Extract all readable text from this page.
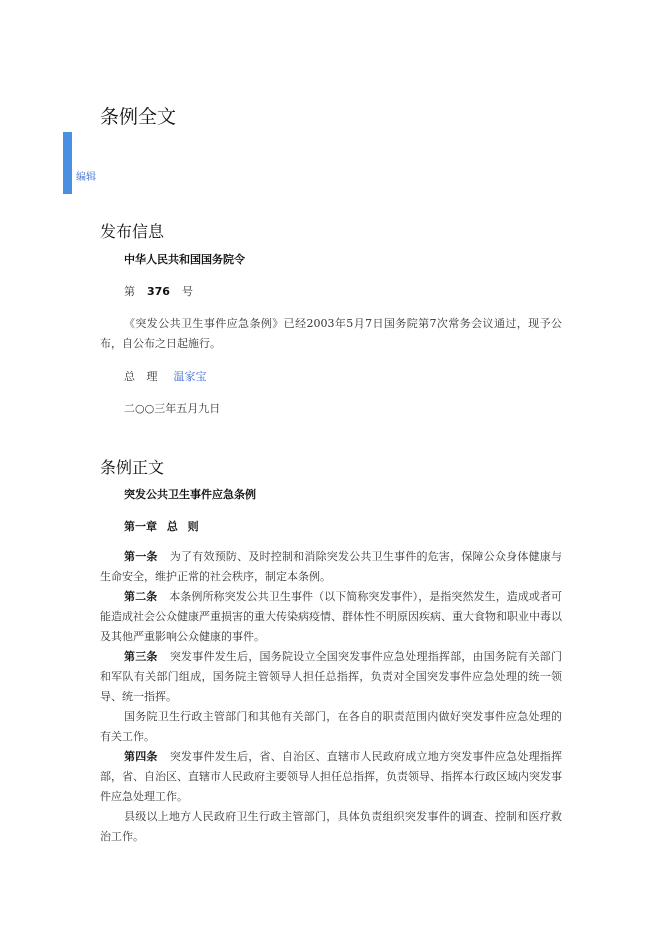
条例全文
编辑
发布信息
中华人民共和国国务院令
第 376 号
《突发公共卫生事件应急条例》已经2003年5月7日国务院第7次常务会议通过，现予公布，自公布之日起施行。
总 理 温家宝
二○○三年五月九日
条例正文
突发公共卫生事件应急条例
第一章 总 则
第一条 为了有效预防、及时控制和消除突发公共卫生事件的危害，保障公众身体健康与生命安全，维护正常的社会秩序，制定本条例。
第二条 本条例所称突发公共卫生事件（以下简称突发事件），是指突然发生，造成或者可能造成社会公众健康严重损害的重大传染病疫情、群体性不明原因疾病、重大食物和职业中毒以及其他严重影响公众健康的事件。
第三条 突发事件发生后，国务院设立全国突发事件应急处理指挥部，由国务院有关部门和军队有关部门组成，国务院主管领导人担任总指挥，负责对全国突发事件应急处理的统一领导、统一指挥。
国务院卫生行政主管部门和其他有关部门，在各自的职责范围内做好突发事件应急处理的有关工作。
第四条 突发事件发生后，省、自治区、直辖市人民政府成立地方突发事件应急处理指挥部，省、自治区、直辖市人民政府主要领导人担任总指挥，负责领导、指挥本行政区域内突发事件应急处理工作。
县级以上地方人民政府卫生行政主管部门，具体负责组织突发事件的调查、控制和医疗救治工作。
